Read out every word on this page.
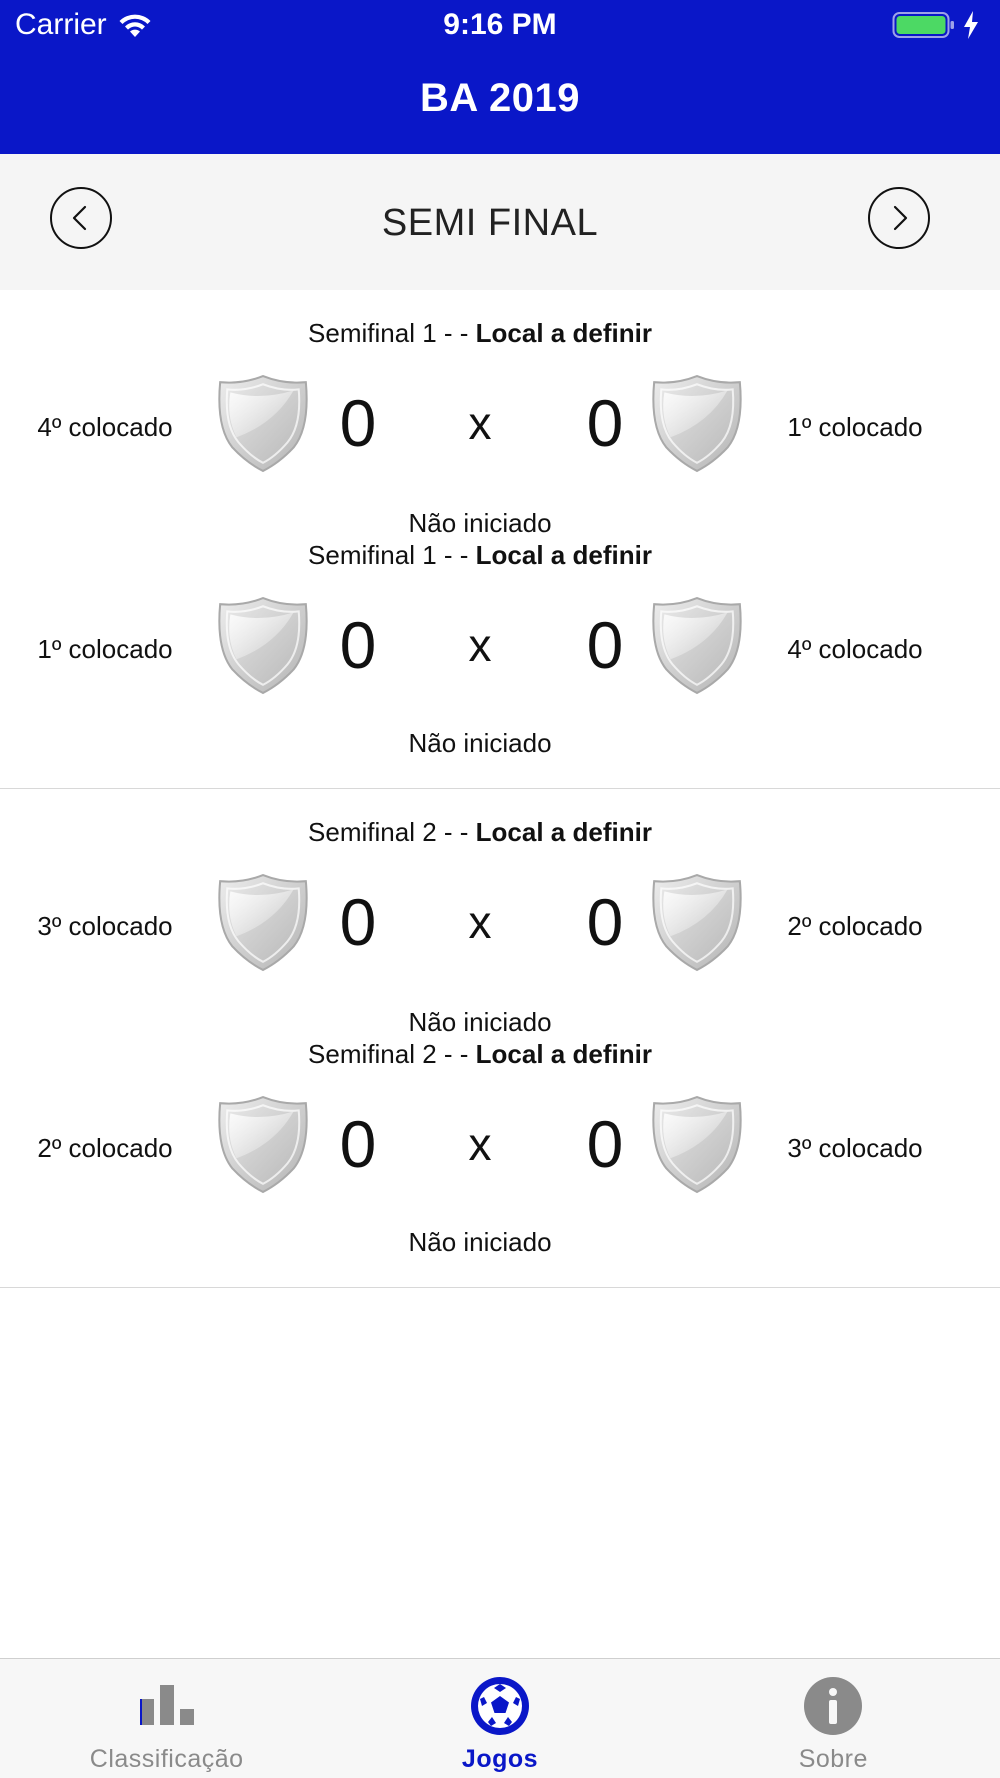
Carrier	9:16 PM
BA 2019
SEMI FINAL
Semifinal 1 - - Local a definir
4º colocado	0	x	0	1º colocado
Não iniciado
Semifinal 1 - - Local a definir
1º colocado	0	x	0	4º colocado
Não iniciado
Semifinal 2 - - Local a definir
3º colocado	0	x	0	2º colocado
Não iniciado
Semifinal 2 - - Local a definir
2º colocado	0	x	0	3º colocado
Não iniciado
Classificação	Jogos	Sobre
